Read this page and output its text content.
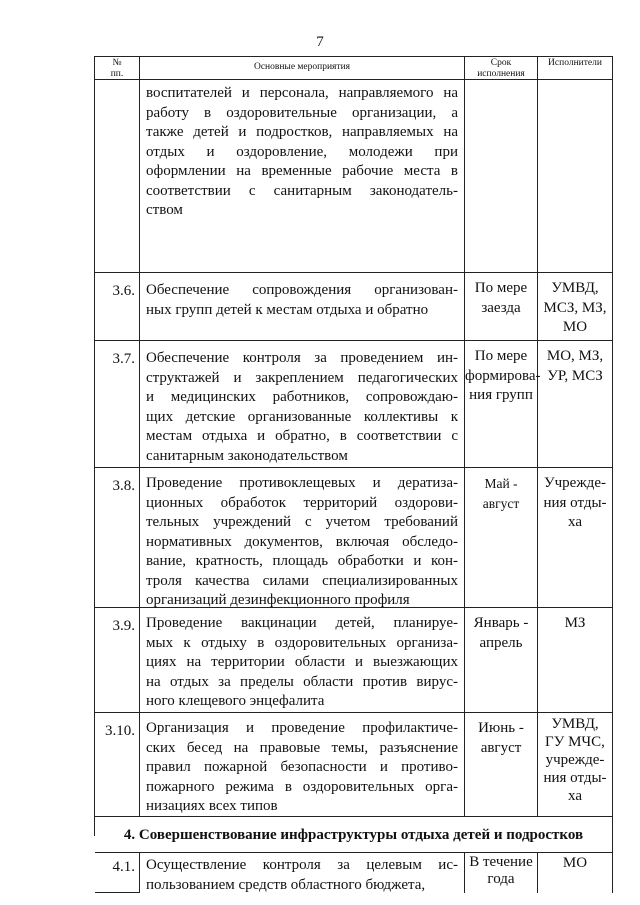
7
№
пп.
Основные мероприятия	Срок
исполнения
Исполнители
воспитателей и персонала, направляемого на
работу в оздоровительные организации, а
также детей и подростков, направляемых на
отдых и оздоровление, молодежи при
оформлении на временные рабочие места в
соответствии с санитарным законодатель-
ством
3.6. Обеспечение сопровождения организован-
ных групп детей к местам отдыха и обратно
По мере
заезда
УМВД,
МСЗ, МЗ,
МО
3.7. Обеспечение контроля за проведением ин-
структажей и закреплением педагогических
и медицинских работников, сопровождаю-
щих детские организованные коллективы к
местам отдыха и обратно, в соответствии с
санитарным законодательством
По мере
формирова-
ния групп
МО, МЗ,
УР, МСЗ
3.8. Проведение противоклещевых и дератиза-
ционных обработок территорий оздорови-
тельных учреждений с учетом требований
нормативных документов, включая обследо-
вание, кратность, площадь обработки и кон-
троля качества силами специализированных
организаций дезинфекционного профиля
Май - август
Учрежде-
ния отды-
ха
3.9. Проведение вакцинации детей, планируе-
мых к отдыху в оздоровительных организа-
циях на территории области и выезжающих
на отдых за пределы области против вирус-
ного клещевого энцефалита
Январь -
апрель
МЗ
3.10. Организация и проведение профилактиче-
ских бесед на правовые темы, разъяснение
правил пожарной безопасности и противо-
пожарного режима в оздоровительных орга-
низациях всех типов
Июнь -
август
УМВД,
ГУ МЧС,
учрежде-
ния отды-
ха
4. Совершенствование инфраструктуры отдыха детей и подростков
4.1. Осуществление контроля за целевым ис-
пользованием средств областного бюджета,
В течение
года
МО
